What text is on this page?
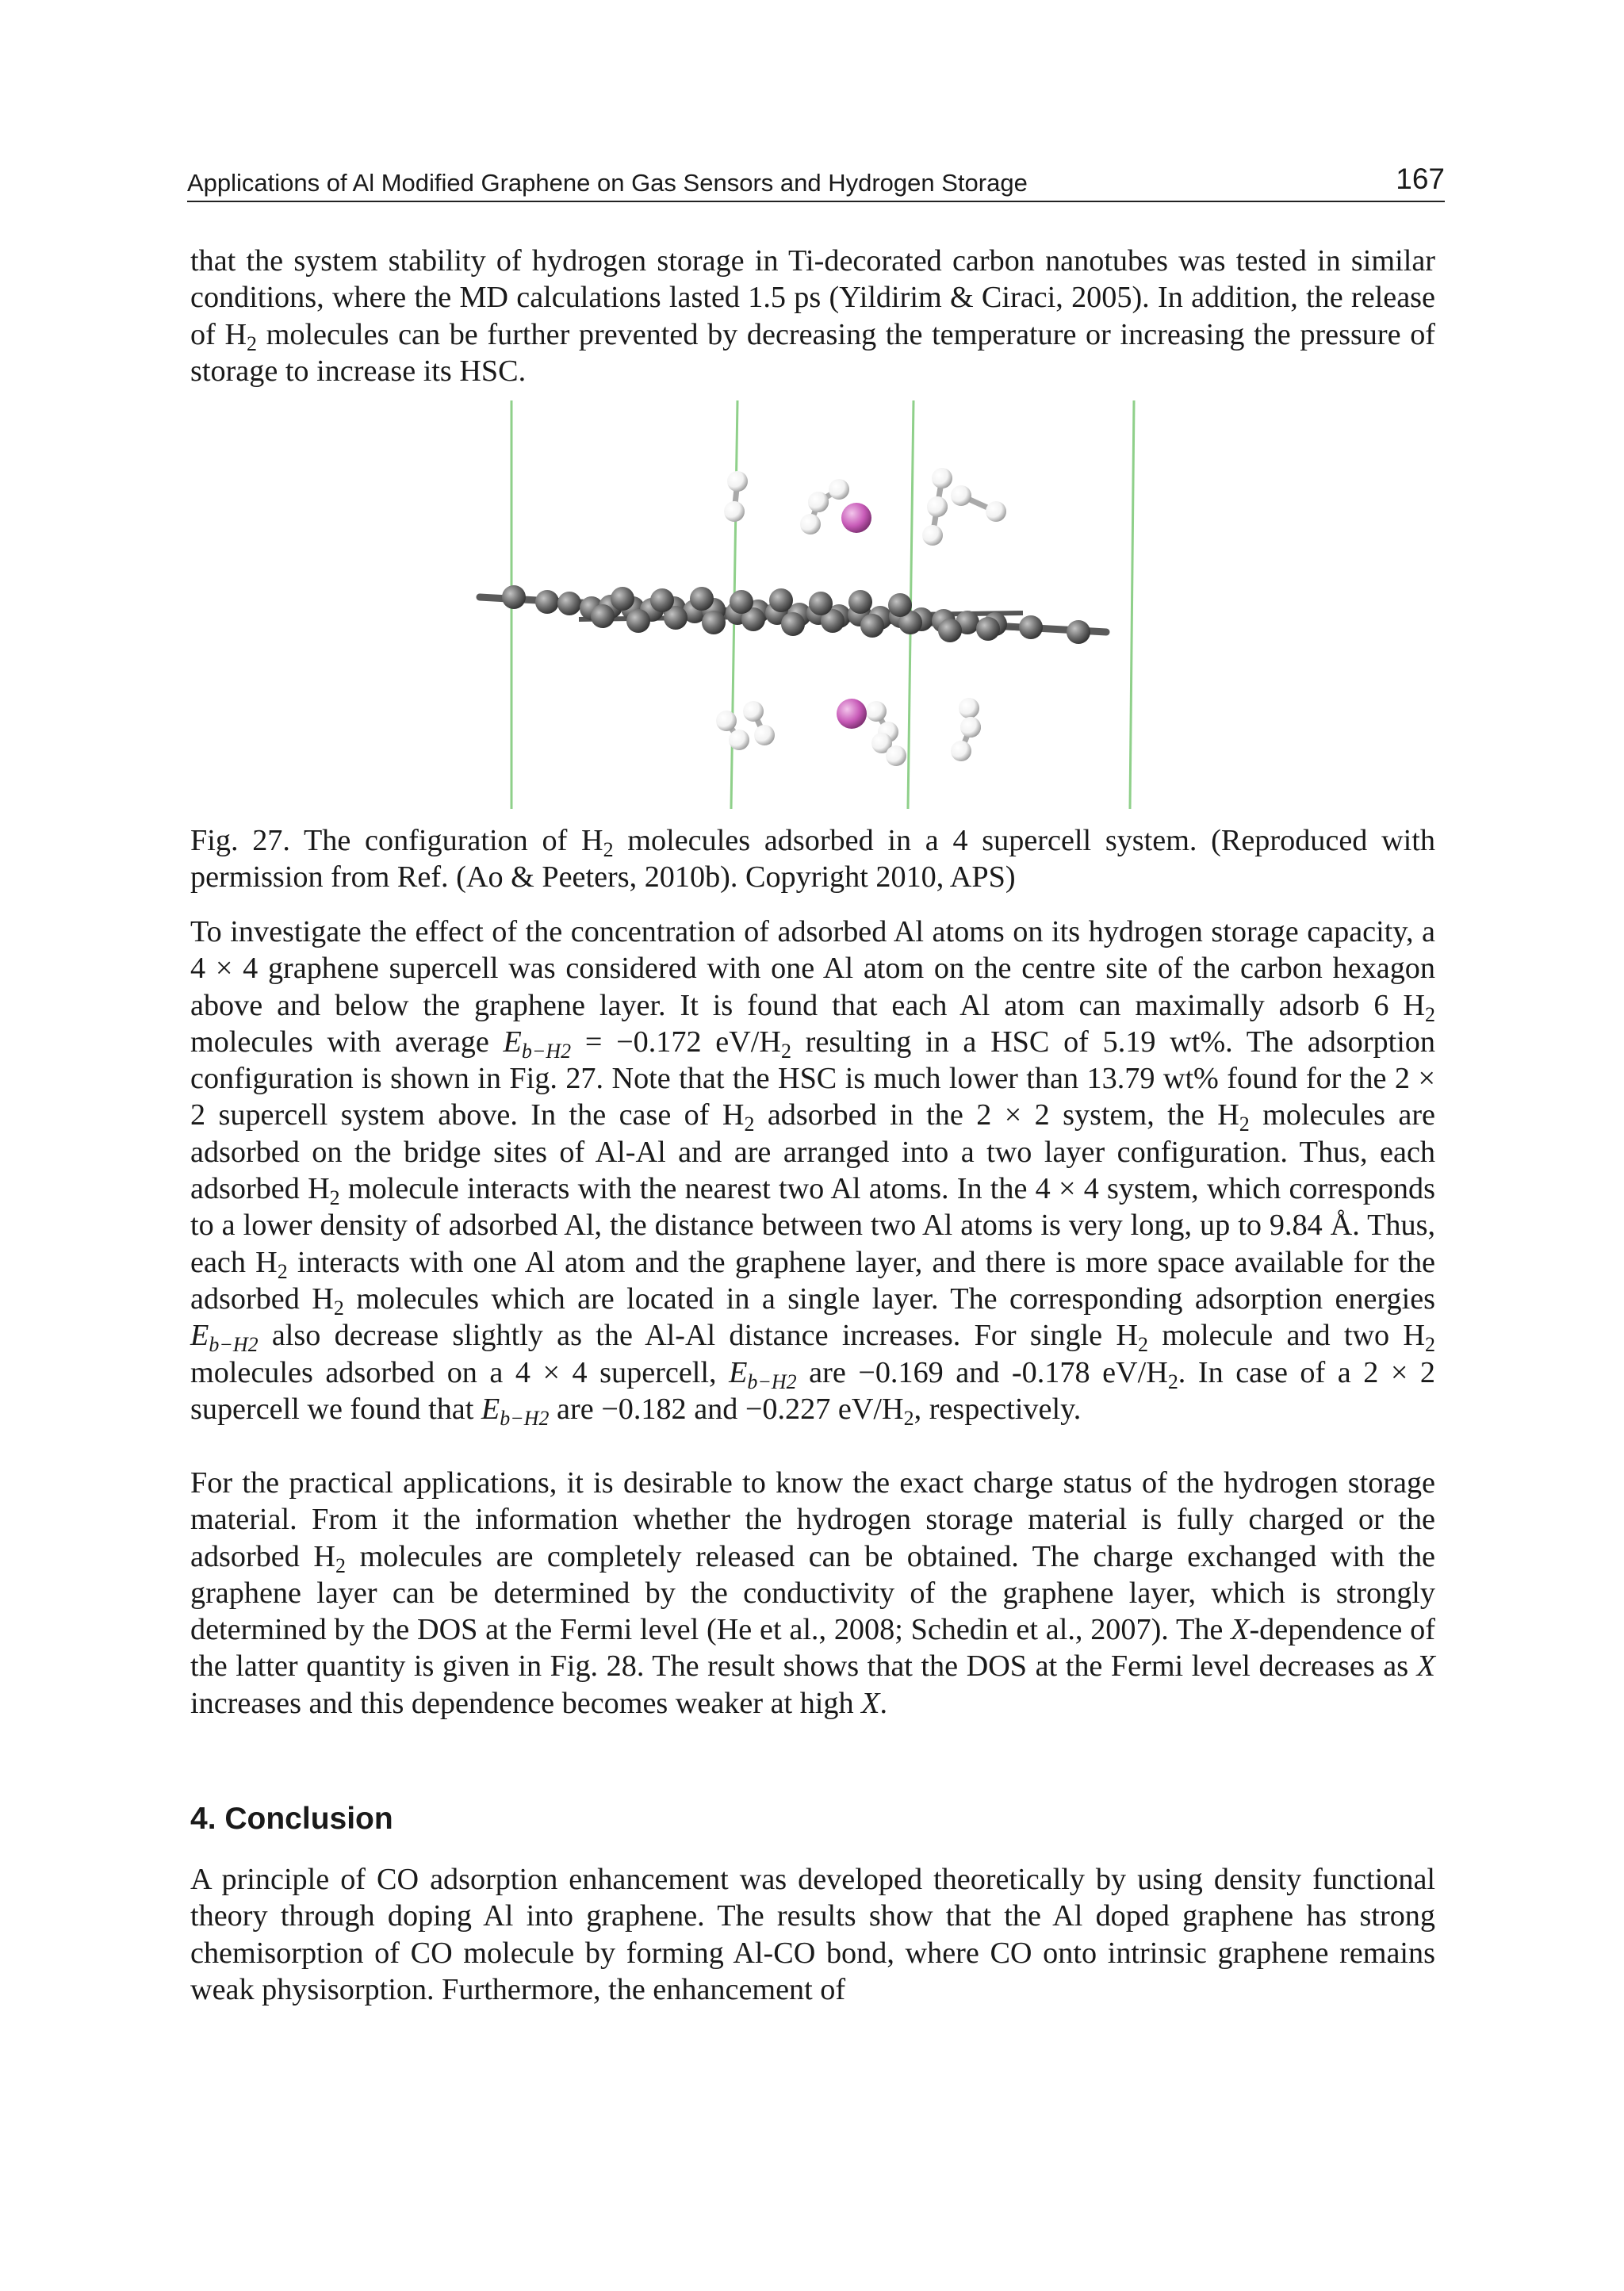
Applications of Al Modified Graphene on Gas Sensors and Hydrogen Storage	167

that the system stability of hydrogen storage in Ti-decorated carbon nanotubes was tested in similar conditions, where the MD calculations lasted 1.5 ps (Yildirim & Ciraci, 2005). In addition, the release of $H_2$ molecules can be further prevented by decreasing the temperature or increasing the pressure of storage to increase its HSC.

Fig. 27. The configuration of $H_2$ molecules adsorbed in a 4 supercell system. (Reproduced with permission from Ref. (Ao & Peeters, 2010b). Copyright 2010, APS)

To investigate the effect of the concentration of adsorbed Al atoms on its hydrogen storage capacity, a 4 × 4 graphene supercell was considered with one Al atom on the centre site of the carbon hexagon above and below the graphene layer. It is found that each Al atom can maximally adsorb 6 $H_2$ molecules with average $E_{b-H2} = -0.172$ $eV/H_2$ resulting in a HSC of 5.19 wt%. The adsorption configuration is shown in Fig. 27. Note that the HSC is much lower than 13.79 wt% found for the 2 × 2 supercell system above. In the case of $H_2$ adsorbed in the 2 × 2 system, the $H_2$ molecules are adsorbed on the bridge sites of Al-Al and are arranged into a two layer configuration. Thus, each adsorbed $H_2$ molecule interacts with the nearest two Al atoms. In the 4 × 4 system, which corresponds to a lower density of adsorbed Al, the distance between two Al atoms is very long, up to 9.84 Å. Thus, each $H_2$ interacts with one Al atom and the graphene layer, and there is more space available for the adsorbed $H_2$ molecules which are located in a single layer. The corresponding adsorption energies $E_{b-H2}$ also decrease slightly as the Al-Al distance increases. For single $H_2$ molecule and two $H_2$ molecules adsorbed on a 4 × 4 supercell, $E_{b-H2}$ are −0.169 and -0.178 $eV/H_2$. In case of a 2 × 2 supercell we found that $E_{b-H2}$ are −0.182 and −0.227 $eV/H_2$, respectively.

For the practical applications, it is desirable to know the exact charge status of the hydrogen storage material. From it the information whether the hydrogen storage material is fully charged or the adsorbed $H_2$ molecules are completely released can be obtained. The charge exchanged with the graphene layer can be determined by the conductivity of the graphene layer, which is strongly determined by the DOS at the Fermi level (He et al., 2008; Schedin et al., 2007). The X-dependence of the latter quantity is given in Fig. 28. The result shows that the DOS at the Fermi level decreases as X increases and this dependence becomes weaker at high X.

4. Conclusion

A principle of CO adsorption enhancement was developed theoretically by using density functional theory through doping Al into graphene. The results show that the Al doped graphene has strong chemisorption of CO molecule by forming Al-CO bond, where CO onto intrinsic graphene remains weak physisorption. Furthermore, the enhancement of
